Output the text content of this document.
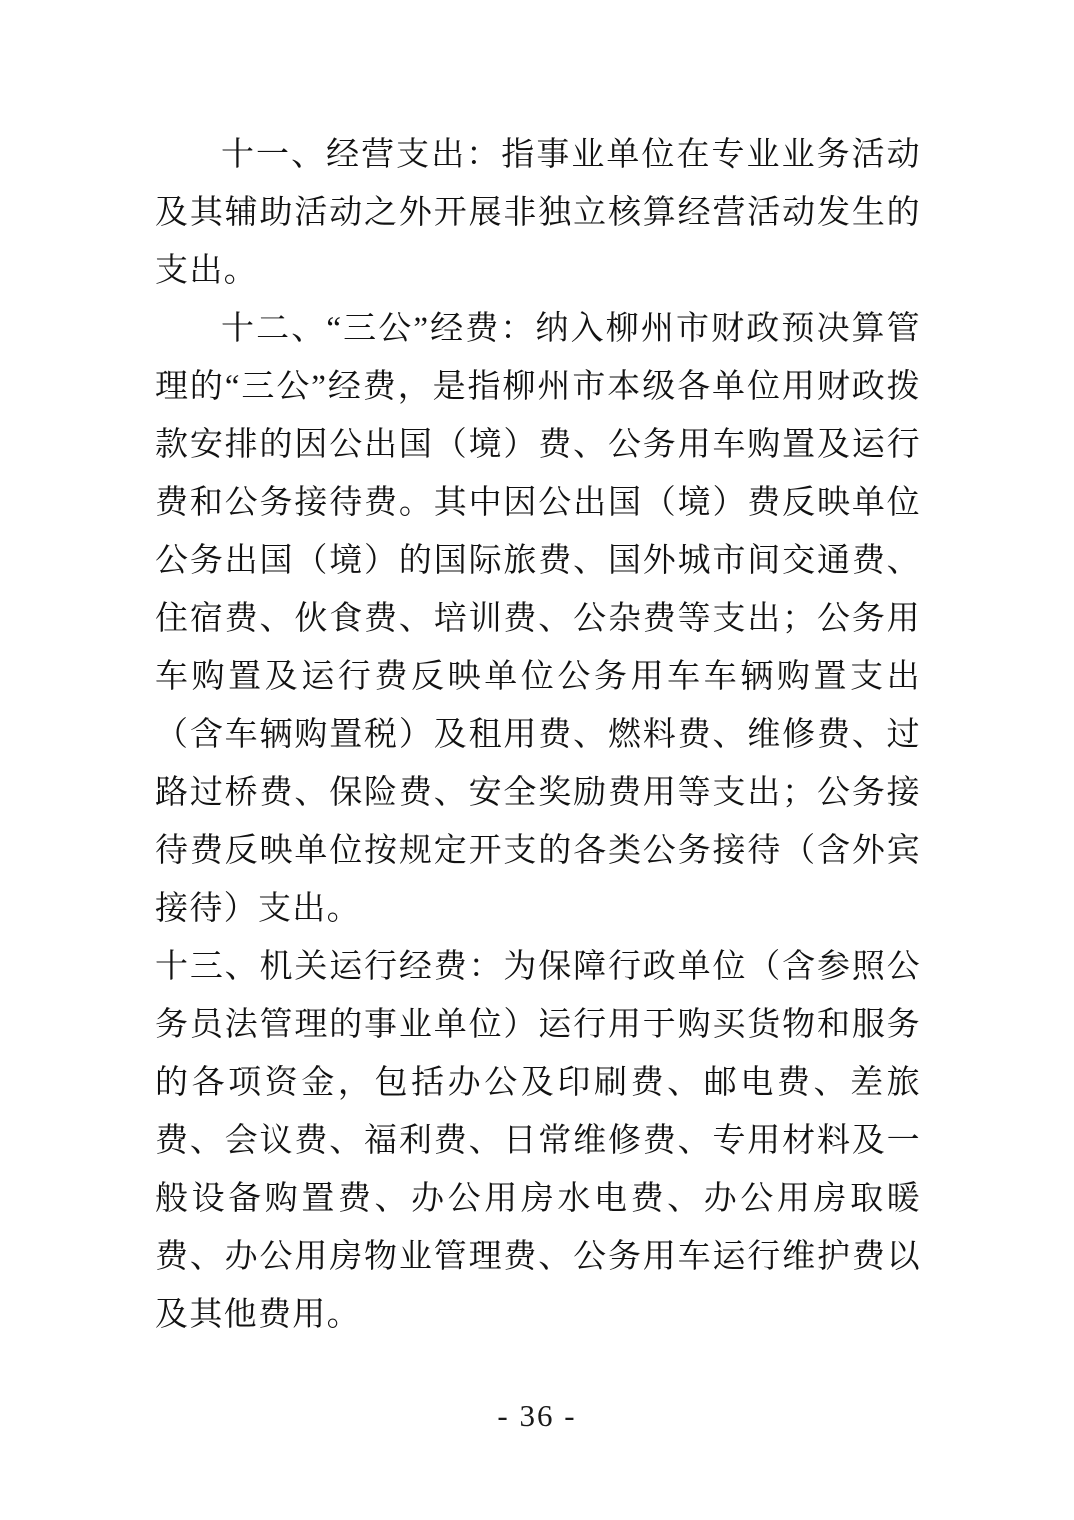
十一、经营支出：指事业单位在专业业务活动及其辅助活动之外开展非独立核算经营活动发生的支出。

十二、“三公”经费：纳入柳州市财政预决算管理的“三公”经费，是指柳州市本级各单位用财政拨款安排的因公出国（境）费、公务用车购置及运行费和公务接待费。其中因公出国（境）费反映单位公务出国（境）的国际旅费、国外城市间交通费、住宿费、伙食费、培训费、公杂费等支出；公务用车购置及运行费反映单位公务用车车辆购置支出（含车辆购置税）及租用费、燃料费、维修费、过路过桥费、保险费、安全奖励费用等支出；公务接待费反映单位按规定开支的各类公务接待（含外宾接待）支出。

十三、机关运行经费：为保障行政单位（含参照公务员法管理的事业单位）运行用于购买货物和服务的各项资金，包括办公及印刷费、邮电费、差旅费、会议费、福利费、日常维修费、专用材料及一般设备购置费、办公用房水电费、办公用房取暖费、办公用房物业管理费、公务用车运行维护费以及其他费用。

- 36 -
